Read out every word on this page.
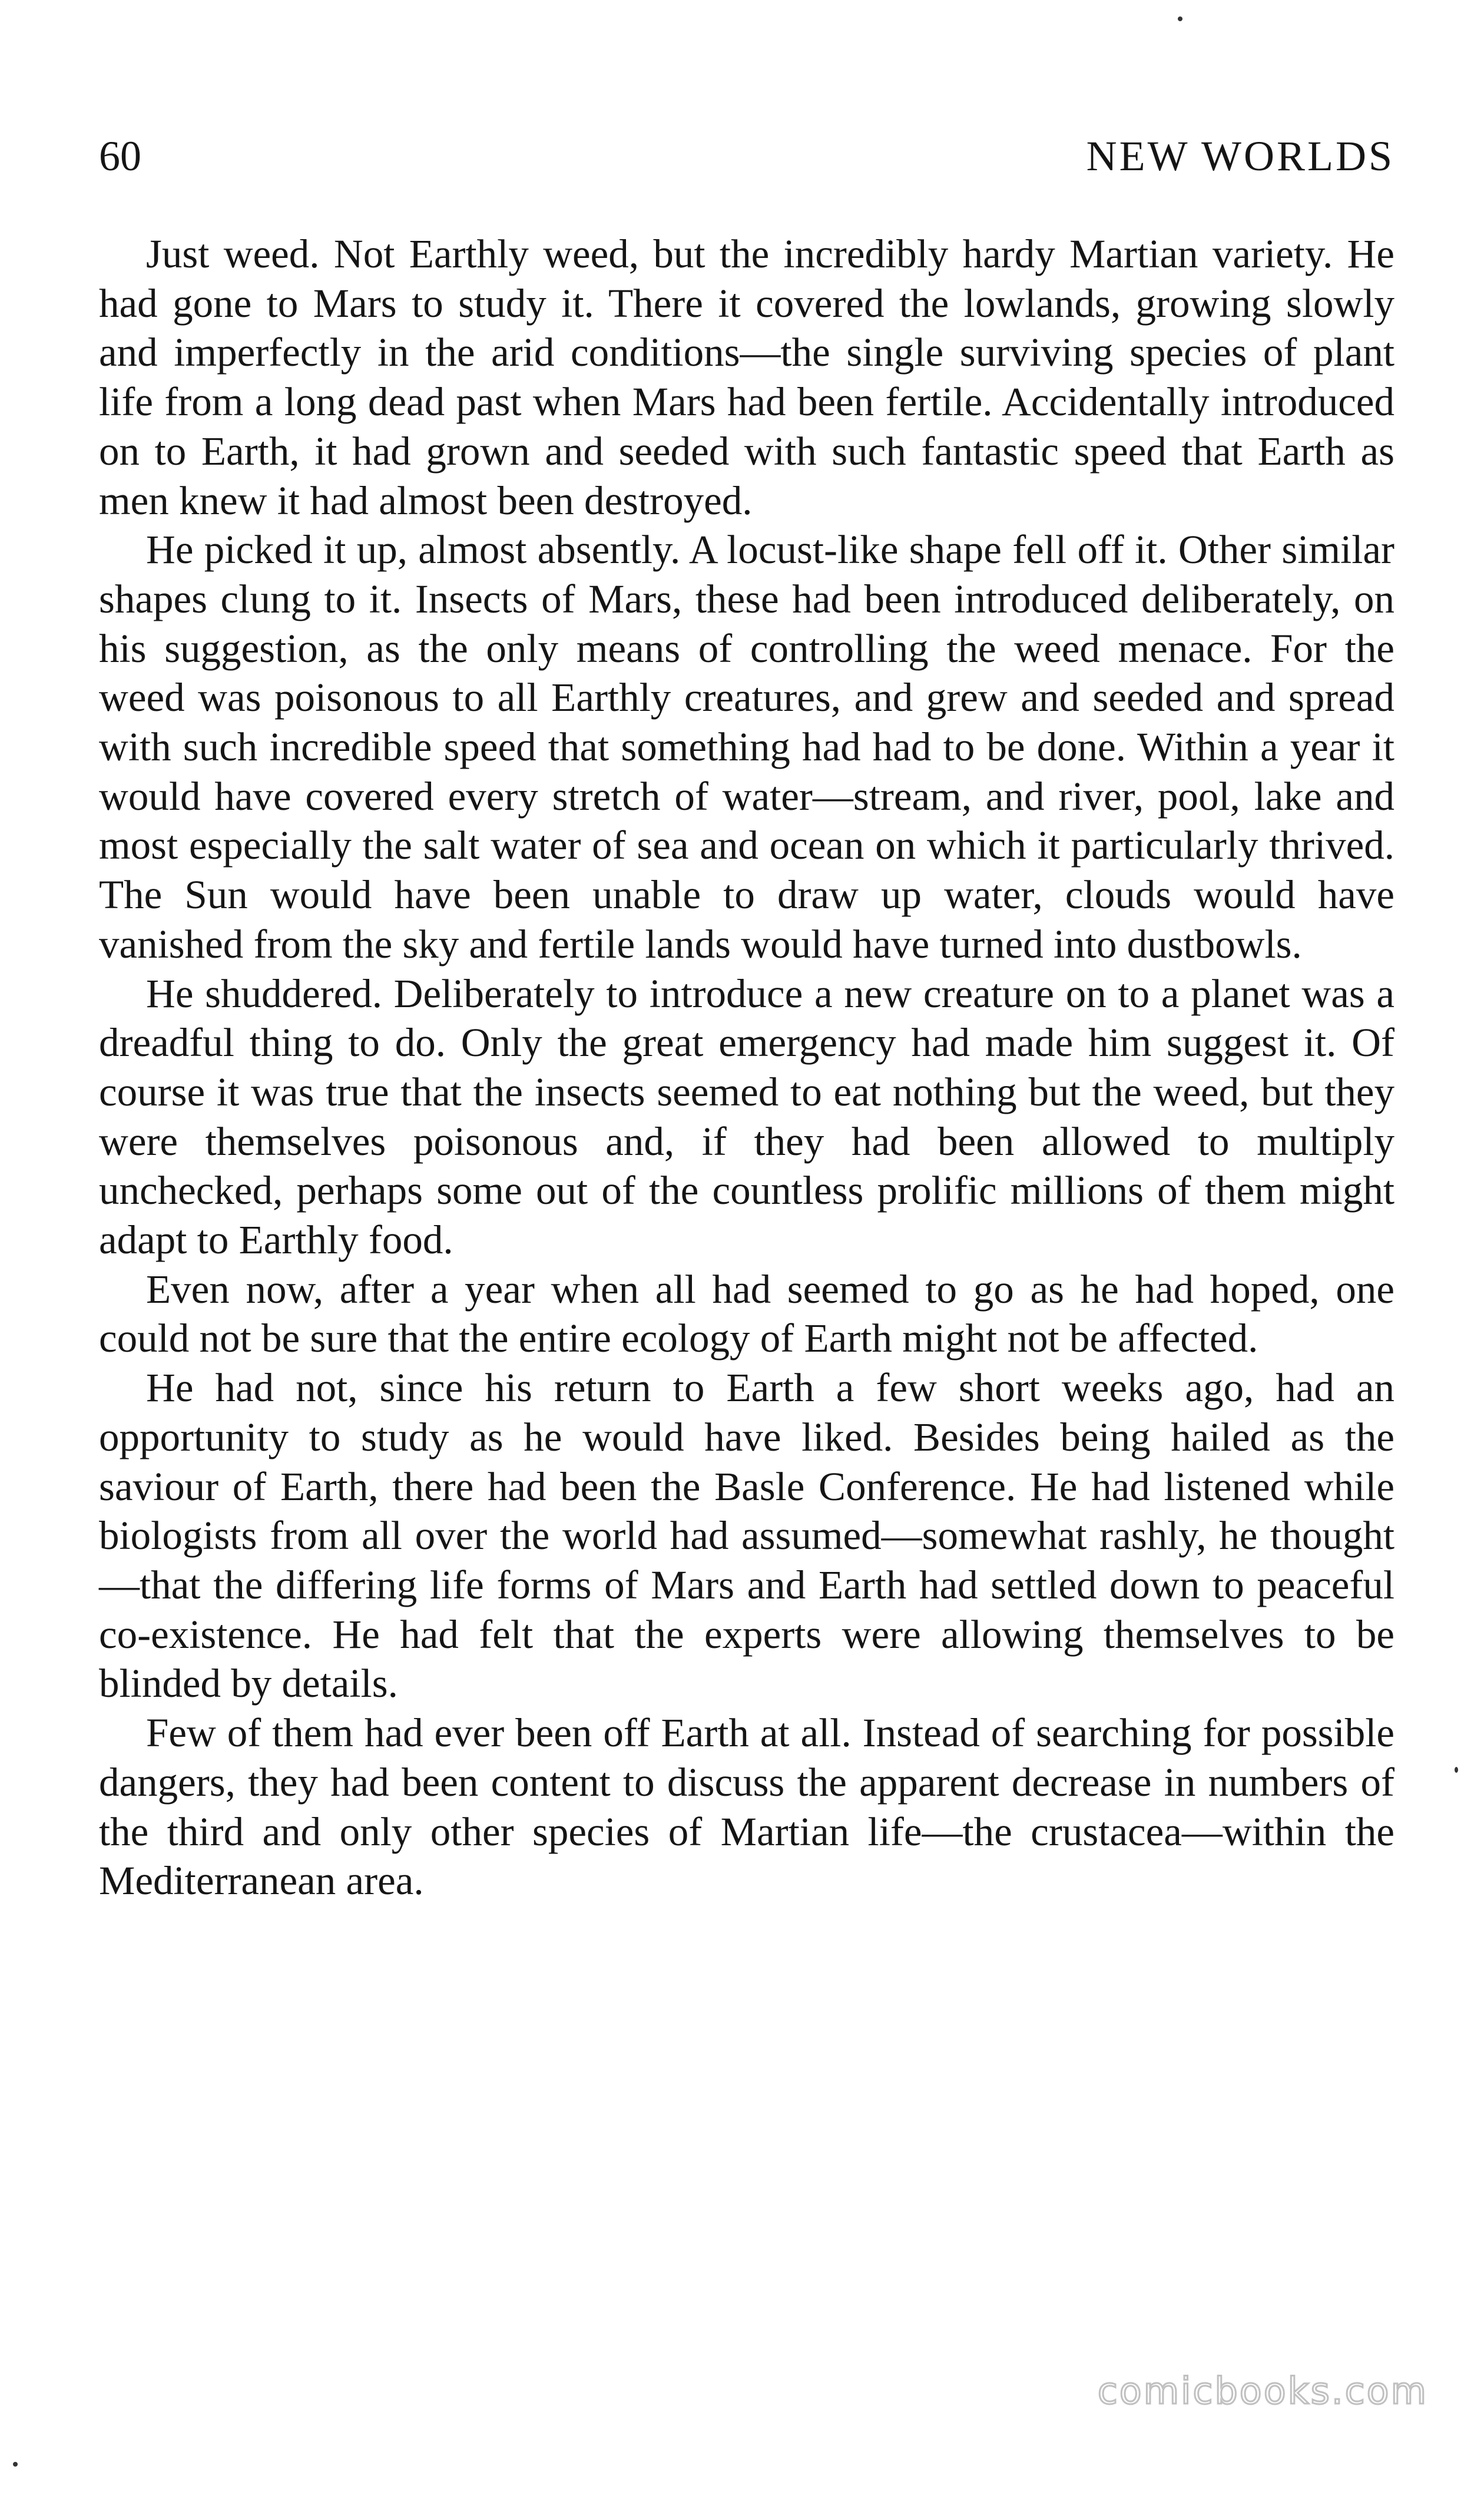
60	NEW WORLDS

Just weed. Not Earthly weed, but the incredibly hardy Martian variety. He had gone to Mars to study it. There it covered the lowlands, growing slowly and imperfectly in the arid conditions—the single surviving species of plant life from a long dead past when Mars had been fertile. Accidentally introduced on to Earth, it had grown and seeded with such fantastic speed that Earth as men knew it had almost been destroyed.

He picked it up, almost absently. A locust-like shape fell off it. Other similar shapes clung to it. Insects of Mars, these had been introduced deliberately, on his suggestion, as the only means of controlling the weed menace. For the weed was poisonous to all Earthly creatures, and grew and seeded and spread with such incredible speed that something had had to be done. Within a year it would have covered every stretch of water—stream, and river, pool, lake and most especially the salt water of sea and ocean on which it particularly thrived. The Sun would have been unable to draw up water, clouds would have vanished from the sky and fertile lands would have turned into dustbowls.

He shuddered. Deliberately to introduce a new creature on to a planet was a dreadful thing to do. Only the great emergency had made him suggest it. Of course it was true that the insects seemed to eat nothing but the weed, but they were themselves poisonous and, if they had been allowed to multiply unchecked, perhaps some out of the countless prolific millions of them might adapt to Earthly food.

Even now, after a year when all had seemed to go as he had hoped, one could not be sure that the entire ecology of Earth might not be affected.

He had not, since his return to Earth a few short weeks ago, had an opportunity to study as he would have liked. Besides being hailed as the saviour of Earth, there had been the Basle Conference. He had listened while biologists from all over the world had assumed—somewhat rashly, he thought—that the differing life forms of Mars and Earth had settled down to peaceful co-existence. He had felt that the experts were allowing themselves to be blinded by details.

Few of them had ever been off Earth at all. Instead of searching for possible dangers, they had been content to discuss the apparent decrease in numbers of the third and only other species of Martian life—the crustacea—within the Mediterranean area.

comicbooks.com
